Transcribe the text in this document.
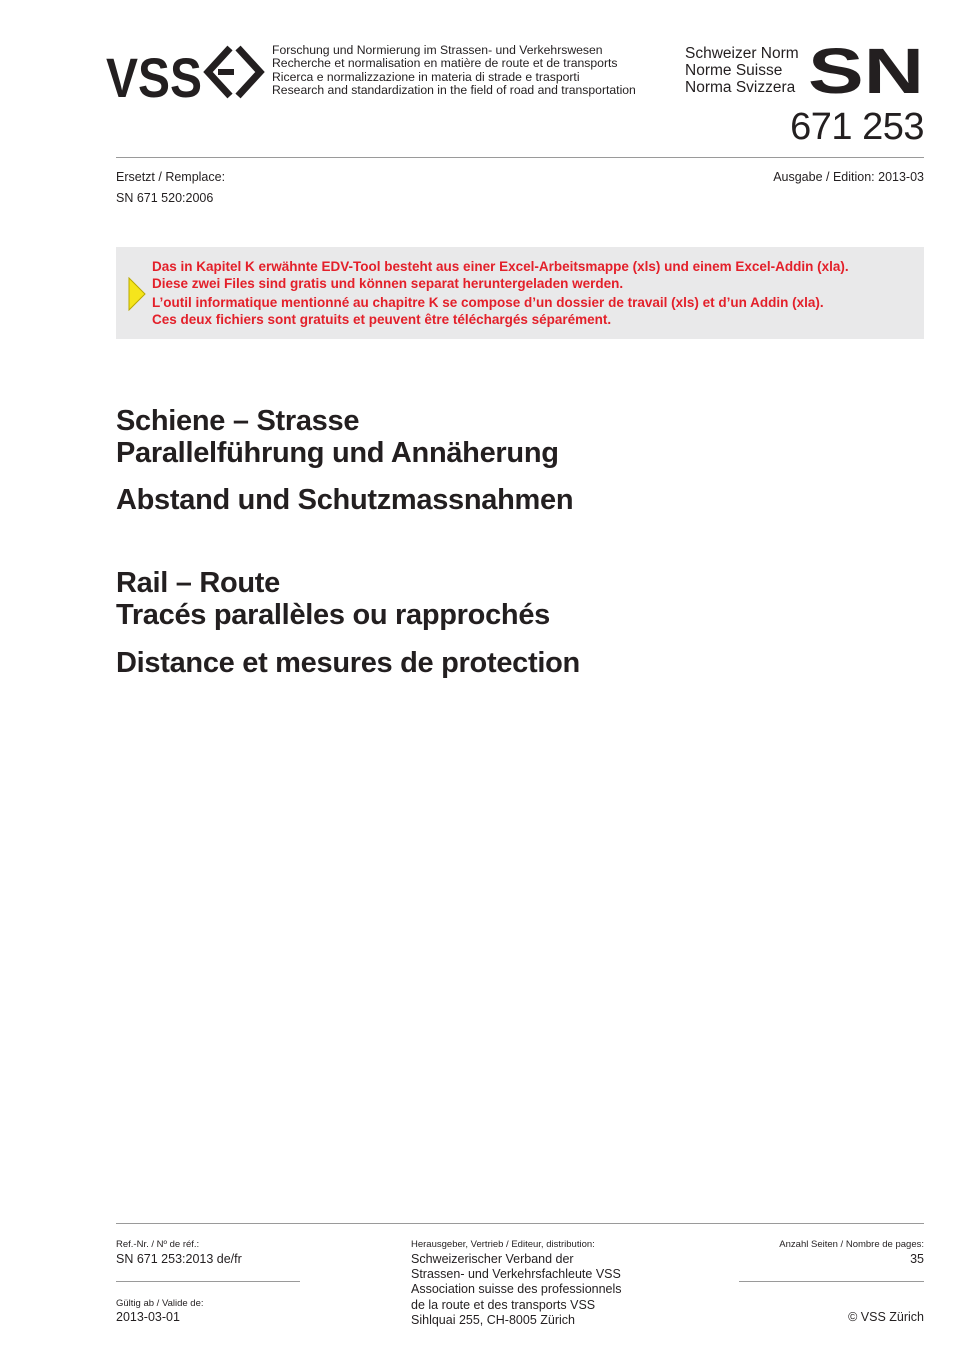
VSS	Forschung und Normierung im Strassen- und Verkehrswesen
Recherche et normalisation en matière de route et de transports
Ricerca e normalizzazione in materia di strade e trasporti
Research and standardization in the field of road and transportation
Schweizer Norm
Norme Suisse
Norma Svizzera SN
671 253
Ersetzt / Remplace:
SN 671 520:2006
Ausgabe / Edition: 2013-03
Das in Kapitel K erwähnte EDV-Tool besteht aus einer Excel-Arbeitsmappe (xls) und einem Excel-Addin (xla).
Diese zwei Files sind gratis und können separat heruntergeladen werden.
L’outil informatique mentionné au chapitre K se compose d’un dossier de travail (xls) et d’un Addin (xla).
Ces deux fichiers sont gratuits et peuvent être téléchargés séparément.
Schiene – Strasse
Parallelführung und Annäherung
Abstand und Schutzmassnahmen
Rail – Route
Tracés parallèles ou rapprochés
Distance et mesures de protection
Ref.-Nr. / Nº de réf.:
SN 671 253:2013 de/fr
Gültig ab / Valide de:
2013-03-01
Herausgeber, Vertrieb / Editeur, distribution:
Schweizerischer Verband der
Strassen- und Verkehrsfachleute VSS
Association suisse des professionnels
de la route et des transports VSS
Sihlquai 255, CH-8005 Zürich
Anzahl Seiten / Nombre de pages:
35
© VSS Zürich
